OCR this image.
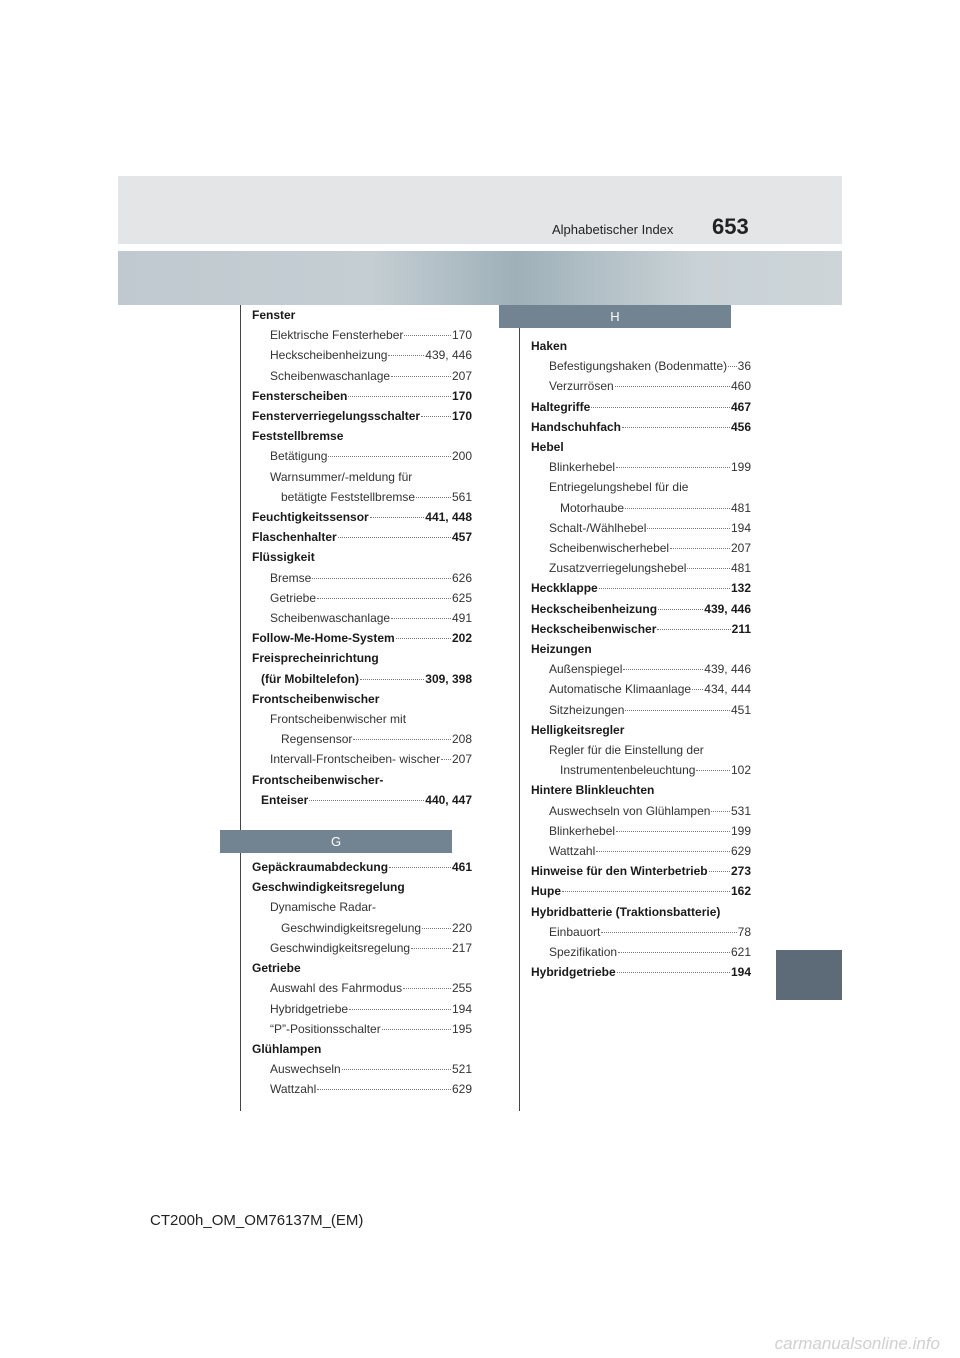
Alphabetischer Index 653
Fenster
Elektrische Fensterheber	170
Heckscheibenheizung	439, 446
Scheibenwaschanlage	207
Fensterscheiben	170
Fensterverriegelungsschalter	170
Feststellbremse
Betätigung	200
Warnsummer/-meldung für
betätigte Feststellbremse	561
Feuchtigkeitssensor	441, 448
Flaschenhalter	457
Flüssigkeit
Bremse	626
Getriebe	625
Scheibenwaschanlage	491
Follow-Me-Home-System	202
Freisprecheinrichtung
(für Mobiltelefon)	309, 398
Frontscheibenwischer
Frontscheibenwischer mit
Regensensor	208
Intervall-Frontscheiben- wischer 207
Frontscheibenwischer-
Enteiser	440, 447
G
Gepäckraumabdeckung	461
Geschwindigkeitsregelung
Dynamische Radar-
Geschwindigkeitsregelung	220
Geschwindigkeitsregelung	217
Getriebe
Auswahl des Fahrmodus	255
Hybridgetriebe	194
“P”-Positionsschalter	195
Glühlampen
Auswechseln	521
Wattzahl	629
H
Haken
Befestigungshaken (Bodenmatte) 36
Verzurrösen	460
Haltegriffe	467
Handschuhfach	456
Hebel
Blinkerhebel	199
Entriegelungshebel für die
Motorhaube	481
Schalt-/Wählhebel	194
Scheibenwischerhebel	207
Zusatzverriegelungshebel	481
Heckklappe	132
Heckscheibenheizung	439, 446
Heckscheibenwischer	211
Heizungen
Außenspiegel	439, 446
Automatische Klimaanlage 434, 444
Sitzheizungen	451
Helligkeitsregler
Regler für die Einstellung der
Instrumentenbeleuchtung	102
Hintere Blinkleuchten
Auswechseln von Glühlampen 531
Blinkerhebel	199
Wattzahl	629
Hinweise für den Winterbetrieb 273
Hupe	162
Hybridbatterie (Traktionsbatterie)
Einbauort	78
Spezifikation	621
Hybridgetriebe	194
CT200h_OM_OM76137M_(EM)
carmanualsonline.info
